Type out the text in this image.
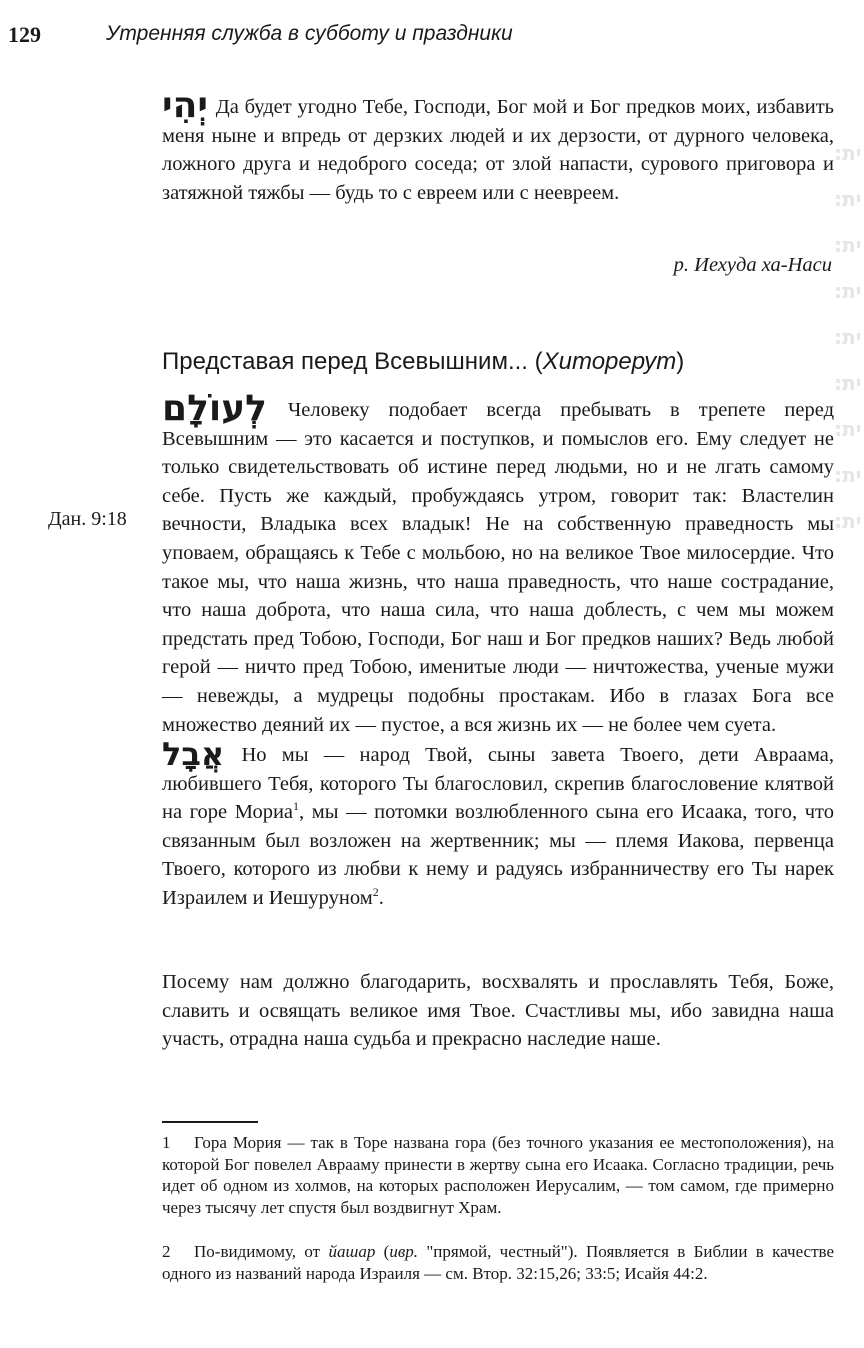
129	Утренняя служба в субботу и праздники
יְהִי Да будет угодно Тебе, Господи, Бог мой и Бог предков моих, избавить меня ныне и впредь от дерзких людей и их дерзости, от дурного человека, ложного друга и недоброго соседа; от злой напасти, сурового приговора и затяжной тяжбы — будь то с евреем или с неевреем.
р. Иехуда ха-Наси
Представая перед Всевышним... (Хиторерут)
לְעוֹלָם Человеку подобает всегда пребывать в трепете перед Всевышним — это касается и поступков, и помыслов его. Ему следует не только свидетельствовать об истине перед людьми, но и не лгать самому себе. Пусть же каждый, пробуждаясь утром, говорит так: Властелин вечности, Владыка всех владык! Не на собственную праведность мы уповаем, обращаясь к Тебе с мольбою, но на великое Твое милосердие. Что такое мы, что наша жизнь, что наша праведность, что наше сострадание, что наша доброта, что наша сила, что наша доблесть, с чем мы можем предстать пред Тобою, Господи, Бог наш и Бог предков наших? Ведь любой герой — ничто пред Тобою, именитые люди — ничтожества, ученые мужи — невежды, а мудрецы подобны простакам. Ибо в глазах Бога все множество деяний их — пустое, а вся жизнь их — не более чем суета.
Дан. 9:18
אֲבָל Но мы — народ Твой, сыны завета Твоего, дети Авраама, любившего Тебя, которого Ты благословил, скрепив благословение клятвой на горе Мориа$^1$, мы — потомки возлюбленного сына его Исаака, того, что связанным был возложен на жертвенник; мы — племя Иакова, первенца Твоего, которого из любви к нему и радуясь избранничеству его Ты нарек Израилем и Иешуруном$^2$.
Посему нам должно благодарить, восхвалять и прославлять Тебя, Боже, славить и освящать великое имя Твое. Счастливы мы, ибо завидна наша участь, отрадна наша судьба и прекрасно наследие наше.
1 Гора Мория — так в Торе названа гора (без точного указания ее местоположения), на которой Бог повелел Аврааму принести в жертву сына его Исаака. Согласно традиции, речь идет об одном из холмов, на которых расположен Иерусалим, — том самом, где примерно через тысячу лет спустя был воздвигнут Храм.
2 По-видимому, от йашар (ивр. "прямой, честный"). Появляется в Библии в качестве одного из названий народа Израиля — см. Втор. 32:15,26; 33:5; Исайя 44:2.
:ית
:ית
:ית
:ית
:ית
:ית
:ית
:ית
:ית
